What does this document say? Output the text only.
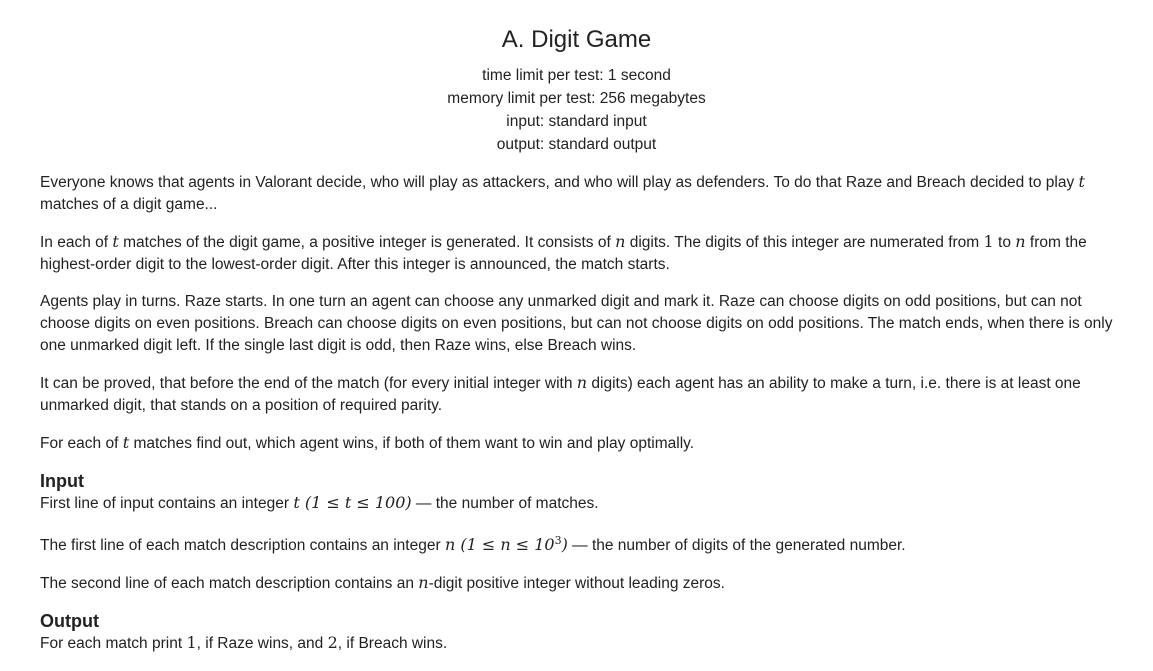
A. Digit Game
time limit per test: 1 second
memory limit per test: 256 megabytes
input: standard input
output: standard output

Everyone knows that agents in Valorant decide, who will play as attackers, and who will play as defenders. To do that Raze and Breach decided to play t matches of a digit game...

In each of t matches of the digit game, a positive integer is generated. It consists of n digits. The digits of this integer are numerated from 1 to n from the highest-order digit to the lowest-order digit. After this integer is announced, the match starts.

Agents play in turns. Raze starts. In one turn an agent can choose any unmarked digit and mark it. Raze can choose digits on odd positions, but can not choose digits on even positions. Breach can choose digits on even positions, but can not choose digits on odd positions. The match ends, when there is only one unmarked digit left. If the single last digit is odd, then Raze wins, else Breach wins.

It can be proved, that before the end of the match (for every initial integer with n digits) each agent has an ability to make a turn, i.e. there is at least one unmarked digit, that stands on a position of required parity.

For each of t matches find out, which agent wins, if both of them want to win and play optimally.

Input

First line of input contains an integer t (1 ≤ t ≤ 100) — the number of matches.

The first line of each match description contains an integer n $(1 \le n \le 10^3)$ — the number of digits of the generated number.

The second line of each match description contains an n-digit positive integer without leading zeros.

Output

For each match print 1, if Raze wins, and 2, if Breach wins.
